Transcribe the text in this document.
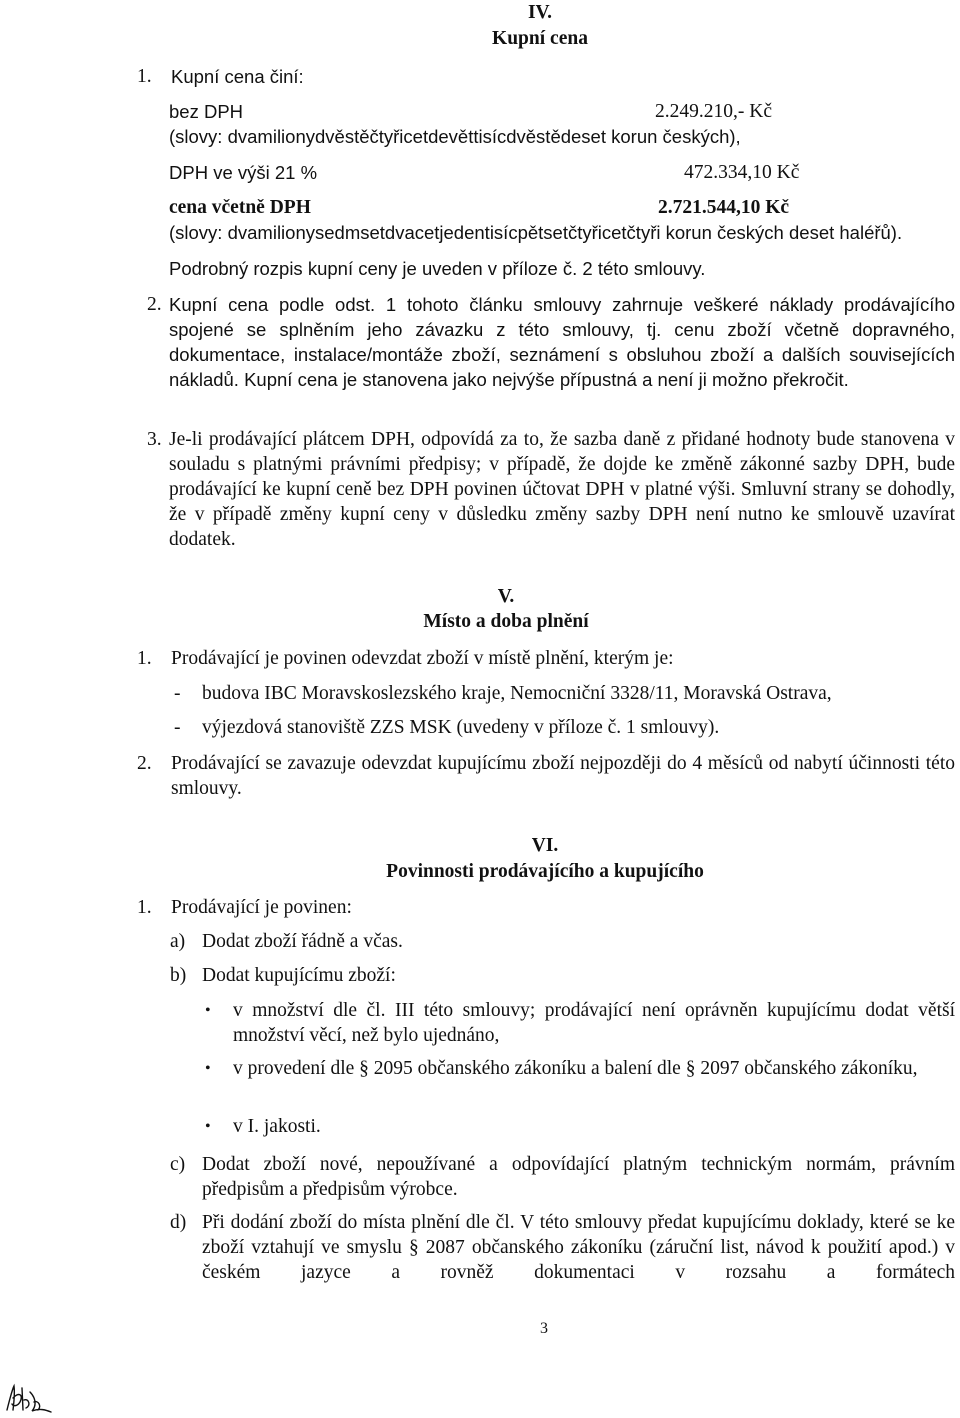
IV.
Kupní cena
1. Kupní cena činí:
bez DPH	2.249.210,- Kč
(slovy: dvamilionydvěstěčtyřicetdevěttisícdvěstědeset korun českých),
DPH ve výši 21 %	472.334,10 Kč
cena včetně DPH	2.721.544,10 Kč
(slovy: dvamilionysedmsetdvacetjedentisícpětsetčtyřicetčtyři korun českých deset haléřů).
Podrobný rozpis kupní ceny je uveden v příloze č. 2 této smlouvy.
2. Kupní cena podle odst. 1 tohoto článku smlouvy zahrnuje veškeré náklady prodávajícího spojené se splněním jeho závazku z této smlouvy, tj. cenu zboží včetně dopravného, dokumentace, instalace/montáže zboží, seznámení s obsluhou zboží a dalších souvisejících nákladů. Kupní cena je stanovena jako nejvýše přípustná a není ji možno překročit.
3. Je-li prodávající plátcem DPH, odpovídá za to, že sazba daně z přidané hodnoty bude stanovena v souladu s platnými právními předpisy; v případě, že dojde ke změně zákonné sazby DPH, bude prodávající ke kupní ceně bez DPH povinen účtovat DPH v platné výši. Smluvní strany se dohodly, že v případě změny kupní ceny v důsledku změny sazby DPH není nutno ke smlouvě uzavírat dodatek.
V.
Místo a doba plnění
1. Prodávající je povinen odevzdat zboží v místě plnění, kterým je:
- budova IBC Moravskoslezského kraje, Nemocniční 3328/11, Moravská Ostrava,
- výjezdová stanoviště ZZS MSK (uvedeny v příloze č. 1 smlouvy).
2. Prodávající se zavazuje odevzdat kupujícímu zboží nejpozději do 4 měsíců od nabytí účinnosti této smlouvy.
VI.
Povinnosti prodávajícího a kupujícího
1. Prodávající je povinen:
a) Dodat zboží řádně a včas.
b) Dodat kupujícímu zboží:
• v množství dle čl. III této smlouvy; prodávající není oprávněn kupujícímu dodat větší množství věcí, než bylo ujednáno,
• v provedení dle § 2095 občanského zákoníku a balení dle § 2097 občanského zákoníku,
• v I. jakosti.
c) Dodat zboží nové, nepoužívané a odpovídající platným technickým normám, právním předpisům a předpisům výrobce.
d) Při dodání zboží do místa plnění dle čl. V této smlouvy předat kupujícímu doklady, které se ke zboží vztahují ve smyslu § 2087 občanského zákoníku (záruční list, návod k použití apod.) v českém jazyce a rovněž dokumentaci v rozsahu a formátech
3
